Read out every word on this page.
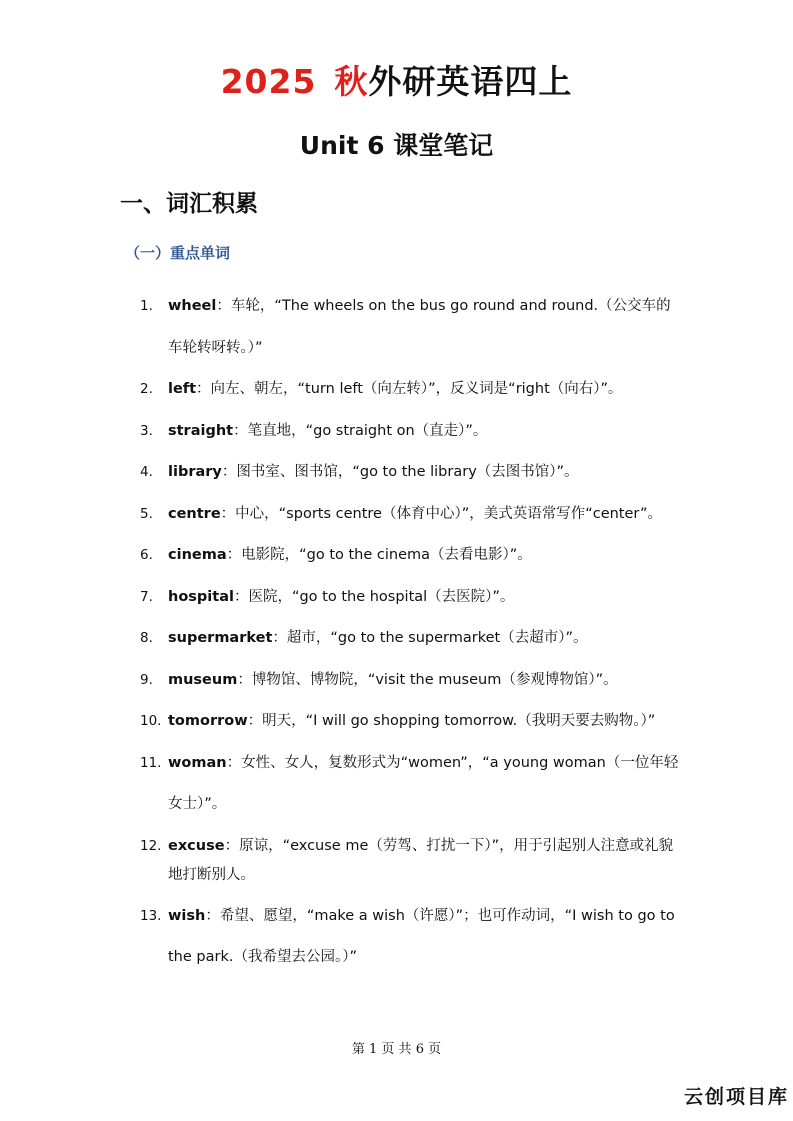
2025 秋外研英语四上
Unit 6 课堂笔记
一、词汇积累
（一）重点单词
1.	wheel：车轮，“The wheels on the bus go round and round.（公交车的车轮转呀转。）”
2.	left：向左、朝左，“turn left（向左转）”，反义词是“right（向右）”。
3.	straight：笔直地，“go straight on（直走）”。
4.	library：图书室、图书馆，“go to the library（去图书馆）”。
5.	centre：中心，“sports centre（体育中心）”，美式英语常写作“center”。
6.	cinema：电影院，“go to the cinema（去看电影）”。
7.	hospital：医院，“go to the hospital（去医院）”。
8.	supermarket：超市，“go to the supermarket（去超市）”。
9.	museum：博物馆、博物院，“visit the museum（参观博物馆）”。
10. tomorrow：明天，“I will go shopping tomorrow.（我明天要去购物。）”
11. woman：女性、女人，复数形式为“women”，“a young woman（一位年轻女士）”。
12. excuse：原谅，“excuse me（劳驾、打扰一下）”，用于引起别人注意或礼貌地打断别人。
13. wish：希望、愿望，“make a wish（许愿）”；也可作动词，“I wish to go to the park.（我希望去公园。）”
第 1 页 共 6 页
云创项目库
